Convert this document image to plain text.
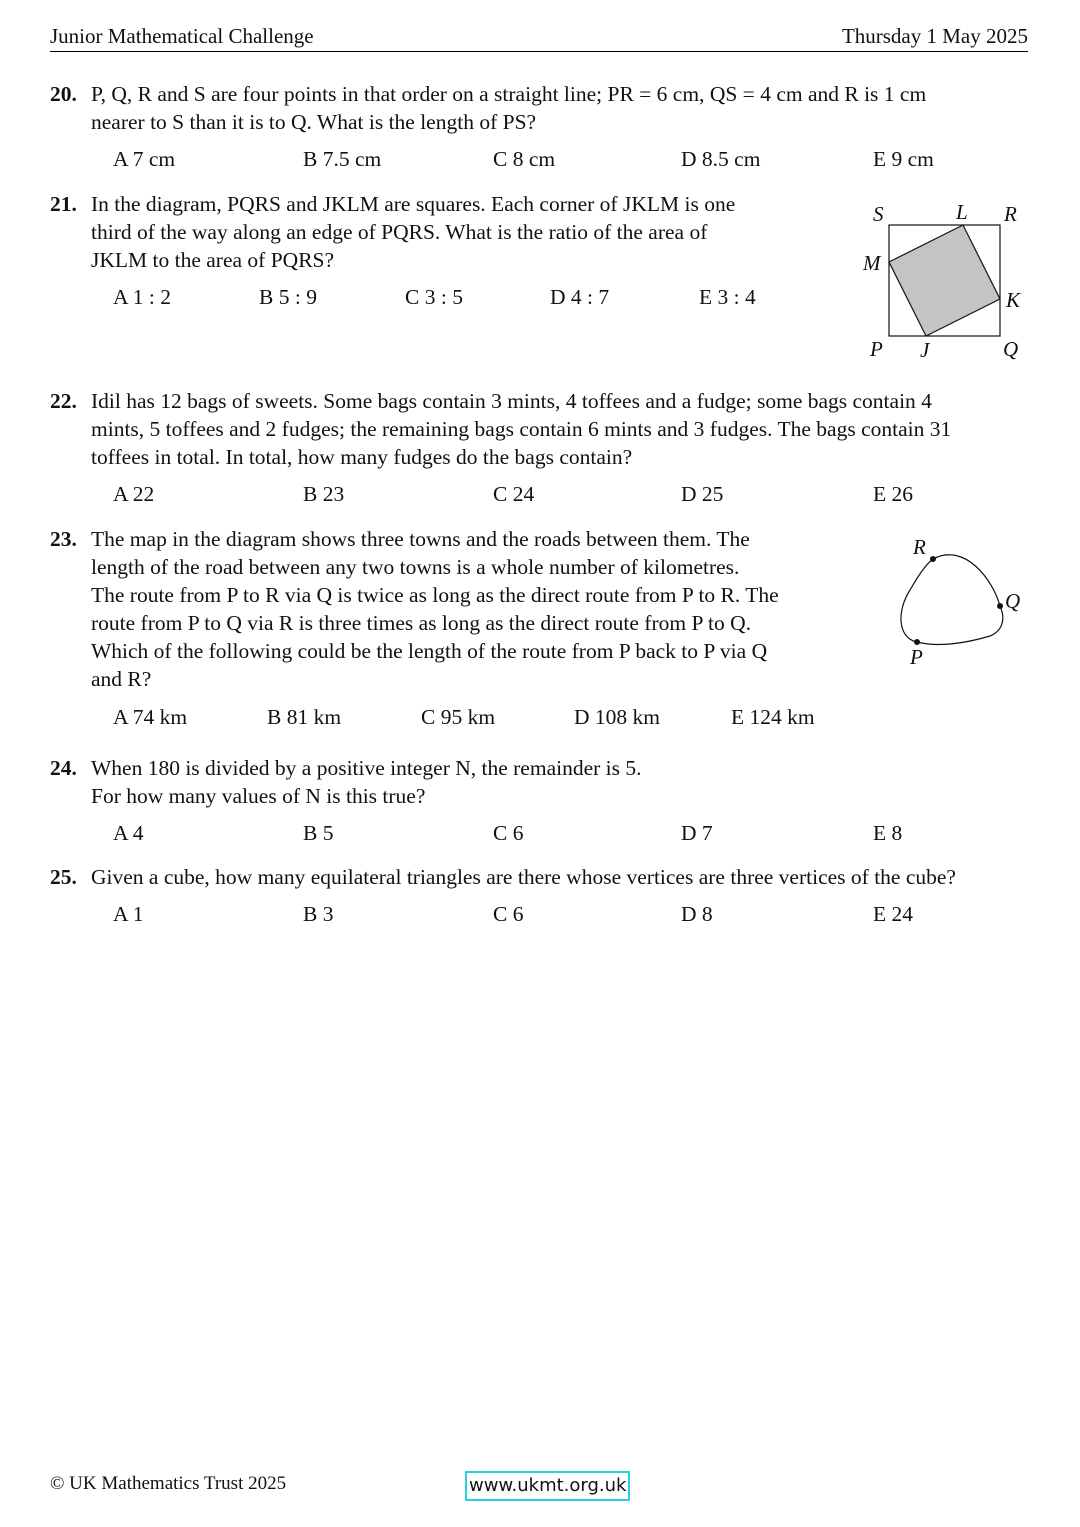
Junior Mathematical Challenge	Thursday 1 May 2025
20. P, Q, R and S are four points in that order on a straight line; PR = 6 cm, QS = 4 cm and R is 1 cm
nearer to S than it is to Q. What is the length of PS?
A 7 cm	B 7.5 cm	C 8 cm	D 8.5 cm	E 9 cm
21. In the diagram, PQRS and JKLM are squares. Each corner of JKLM is one
third of the way along an edge of PQRS. What is the ratio of the area of
JKLM to the area of PQRS?
A 1 : 2	B 5 : 9	C 3 : 5	D 4 : 7	E 3 : 4
S	L R
M
K
P J	Q
22. Idil has 12 bags of sweets. Some bags contain 3 mints, 4 toffees and a fudge; some bags contain 4
mints, 5 toffees and 2 fudges; the remaining bags contain 6 mints and 3 fudges. The bags contain 31
toffees in total. In total, how many fudges do the bags contain?
A 22	B 23	C 24	D 25	E 26
23. The map in the diagram shows three towns and the roads between them. The
length of the road between any two towns is a whole number of kilometres.
The route from P to R via Q is twice as long as the direct route from P to R. The
route from P to Q via R is three times as long as the direct route from P to Q.
Which of the following could be the length of the route from P back to P via Q
and R?
A 74 km	B 81 km	C 95 km	D 108 km	E 124 km
R
Q
P
24. When 180 is divided by a positive integer N, the remainder is 5.
For how many values of N is this true?
A 4	B 5	C 6	D 7	E 8
25. Given a cube, how many equilateral triangles are there whose vertices are three vertices of the cube?
A 1	B 3	C 6	D 8	E 24
© UK Mathematics Trust 2025	www.ukmt.org.uk
